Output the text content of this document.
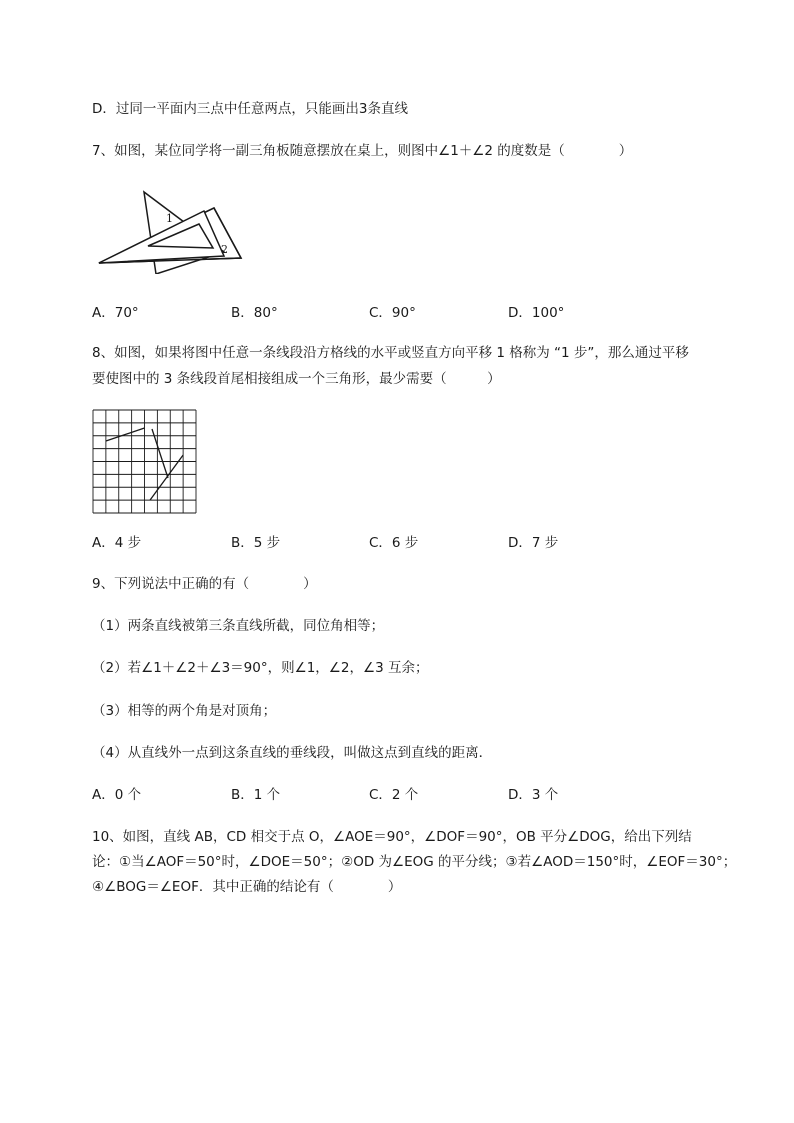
D．过同一平面内三点中任意两点，只能画出3条直线
7、如图，某位同学将一副三角板随意摆放在桌上，则图中∠1＋∠2 的度数是（　　　　）
1
2
A．70°	B．80°	C．90°	D．100°
8、如图，如果将图中任意一条线段沿方格线的水平或竖直方向平移 1 格称为 “1 步”，那么通过平移
要使图中的 3 条线段首尾相接组成一个三角形，最少需要（　　　）
A．4 步	B．5 步	C．6 步	D．7 步
9、下列说法中正确的有（　　　　）
（1）两条直线被第三条直线所截，同位角相等；
（2）若∠1＋∠2＋∠3＝90°，则∠1，∠2，∠3 互余；
（3）相等的两个角是对顶角；
（4）从直线外一点到这条直线的垂线段，叫做这点到直线的距离．
A．0 个	B．1 个	C．2 个	D．3 个
10、如图，直线 AB，CD 相交于点 O，∠AOE＝90°，∠DOF＝90°，OB 平分∠DOG，给出下列结
论：①当∠AOF＝50°时，∠DOE＝50°；②OD 为∠EOG 的平分线；③若∠AOD＝150°时，∠EOF＝30°；
④∠BOG＝∠EOF．其中正确的结论有（　　　　）
